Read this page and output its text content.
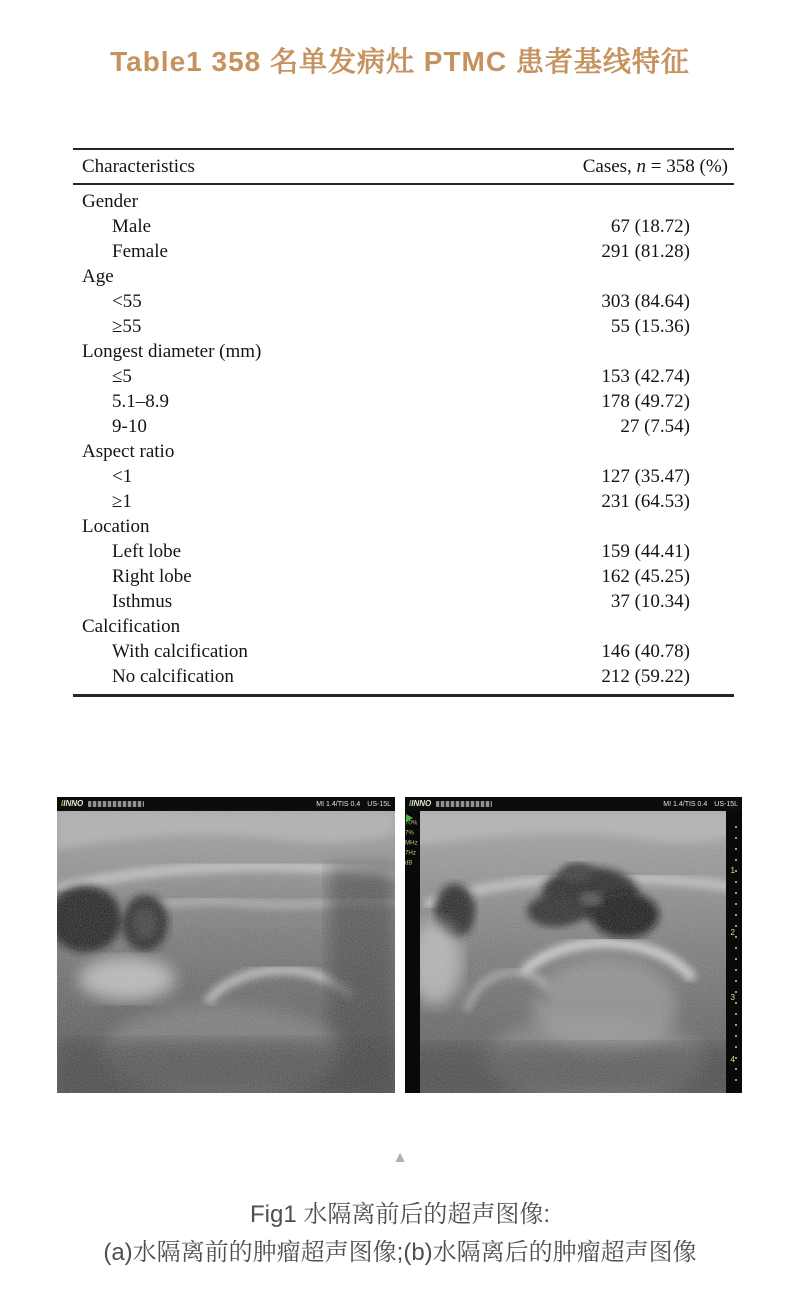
Table1 358 名单发病灶 PTMC 患者基线特征
Characteristics	Cases, n = 358 (%)
Gender
Male	67 (18.72)
Female	291 (81.28)
Age
<55	303 (84.64)
≥55	55 (15.36)
Longest diameter (mm)
≤5	153 (42.74)
5.1–8.9	178 (49.72)
9-10	27 (7.54)
Aspect ratio
<1	127 (35.47)
≥1	231 (64.53)
Location
Left lobe	159 (44.41)
Right lobe	162 (45.25)
Isthmus	37 (10.34)
Calcification
With calcification	146 (40.78)
No calcification	212 (59.22)
IINNO	MI 1.4/TIS 0.4 US-15L IINNO	MI 1.4/TIS 0.4 US-15L
70%
7%
MHz
7Hz
dB
1
2
3
4
▲
Fig1 水隔离前后的超声图像:
(a)水隔离前的肿瘤超声图像;(b)水隔离后的肿瘤超声图像
